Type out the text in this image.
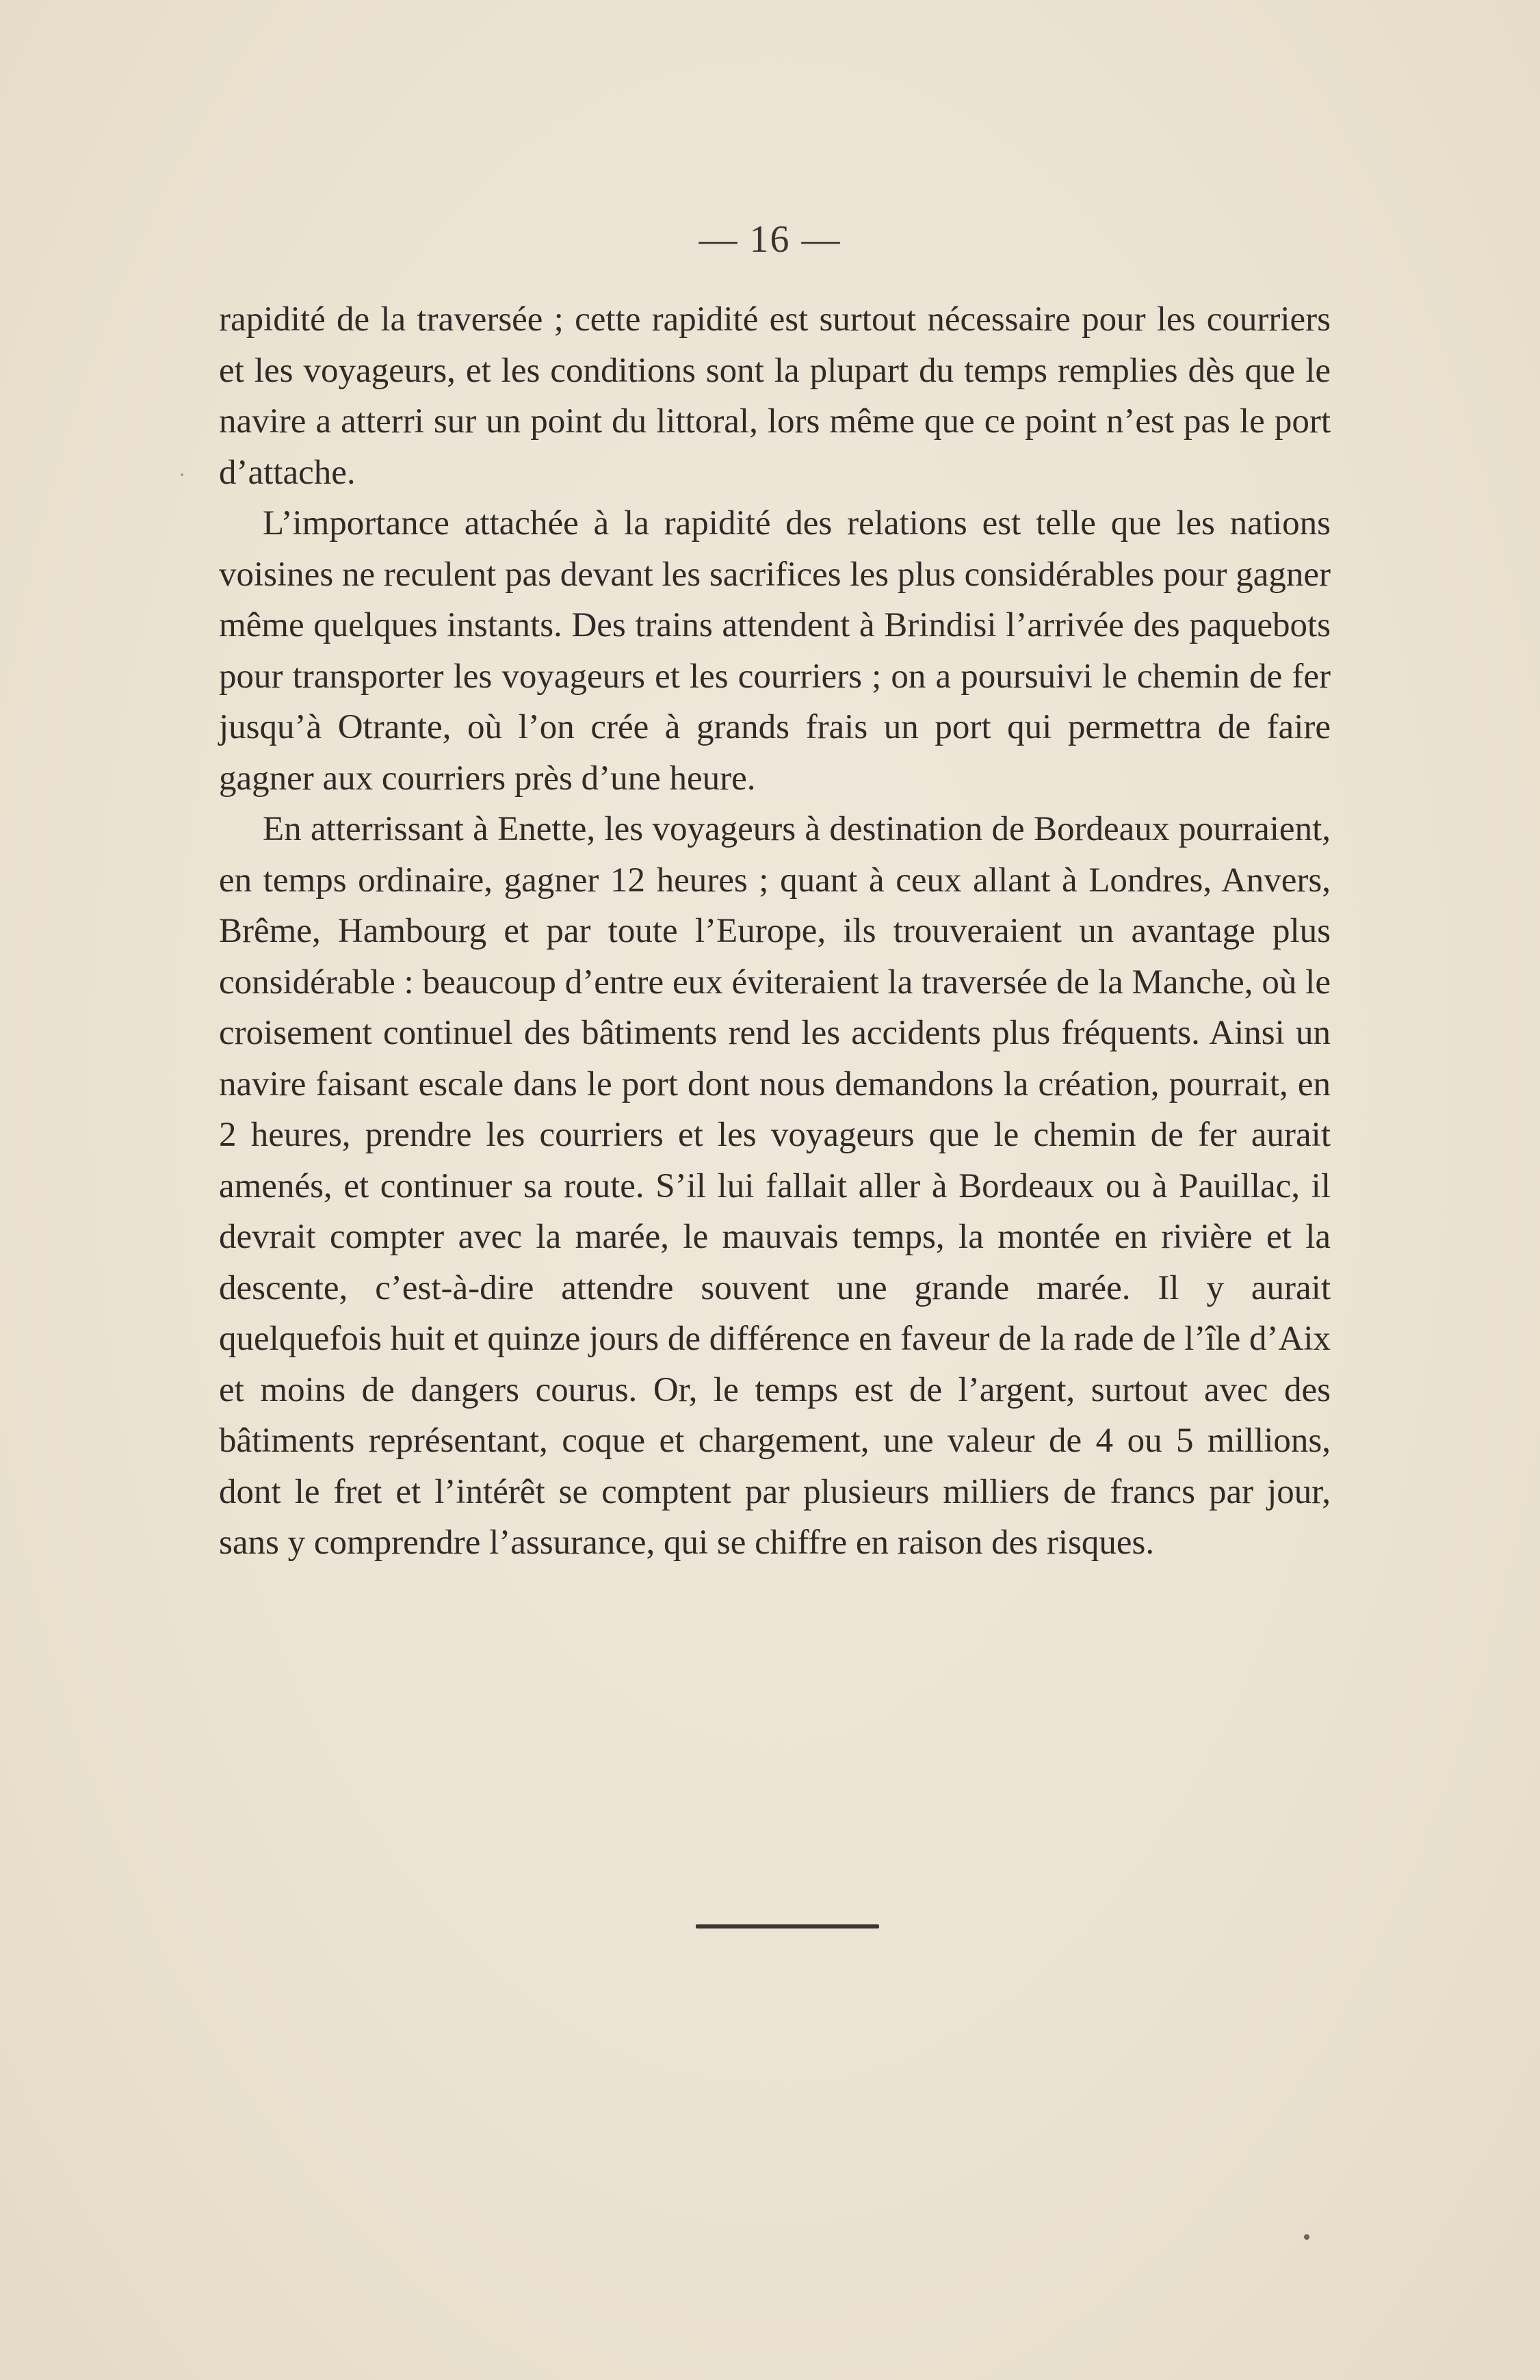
— 16 —

rapidité de la traversée ; cette rapidité est surtout nécessaire pour les courriers et les voyageurs, et les conditions sont la plupart du temps remplies dès que le navire a atterri sur un point du littoral, lors même que ce point n’est pas le port d’attache.

L’importance attachée à la rapidité des relations est telle que les nations voisines ne reculent pas devant les sacrifices les plus considérables pour gagner même quelques instants. Des trains attendent à Brindisi l’arrivée des paquebots pour transporter les voyageurs et les courriers ; on a poursuivi le chemin de fer jusqu’à Otrante, où l’on crée à grands frais un port qui permettra de faire gagner aux courriers près d’une heure.

En atterrissant à Enette, les voyageurs à destination de Bordeaux pourraient, en temps ordinaire, gagner 12 heures ; quant à ceux allant à Londres, Anvers, Brême, Hambourg et par toute l’Europe, ils trouveraient un avantage plus considérable : beaucoup d’entre eux éviteraient la traversée de la Manche, où le croisement continuel des bâtiments rend les accidents plus fréquents. Ainsi un navire faisant escale dans le port dont nous demandons la création, pourrait, en 2 heures, prendre les courriers et les voyageurs que le chemin de fer aurait amenés, et continuer sa route. S’il lui fallait aller à Bordeaux ou à Pauillac, il devrait compter avec la marée, le mauvais temps, la montée en rivière et la descente, c’est-à-dire attendre souvent une grande marée. Il y aurait quelquefois huit et quinze jours de différence en faveur de la rade de l’île d’Aix et moins de dangers courus. Or, le temps est de l’argent, surtout avec des bâtiments représentant, coque et chargement, une valeur de 4 ou 5 millions, dont le fret et l’intérêt se comptent par plusieurs milliers de francs par jour, sans y comprendre l’assurance, qui se chiffre en raison des risques.
